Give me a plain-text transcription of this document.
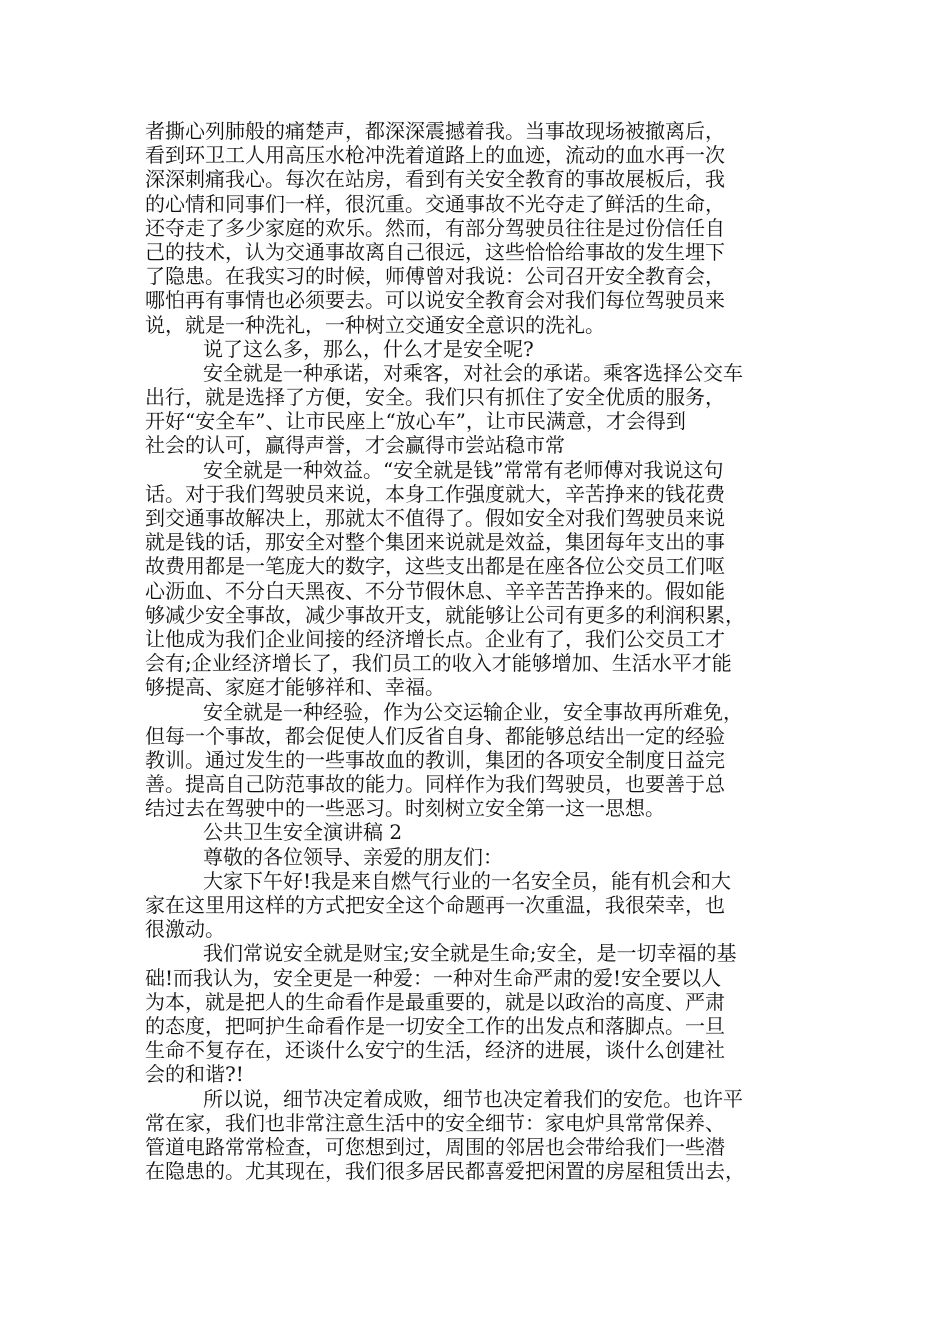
者撕心列肺般的痛楚声，都深深震撼着我。当事故现场被撤离后，
看到环卫工人用高压水枪冲洗着道路上的血迹，流动的血水再一次
深深刺痛我心。每次在站房，看到有关安全教育的事故展板后，我
的心情和同事们一样，很沉重。交通事故不光夺走了鲜活的生命，
还夺走了多少家庭的欢乐。然而，有部分驾驶员往往是过份信任自
己的技术，认为交通事故离自己很远，这些恰恰给事故的发生埋下
了隐患。在我实习的时候，师傅曾对我说：公司召开安全教育会，
哪怕再有事情也必须要去。可以说安全教育会对我们每位驾驶员来
说，就是一种洗礼，一种树立交通安全意识的洗礼。
说了这么多，那么，什么才是安全呢?
安全就是一种承诺，对乘客，对社会的承诺。乘客选择公交车
出行，就是选择了方便，安全。我们只有抓住了安全优质的服务，
开好“安全车”、让市民座上“放心车”，让市民满意，才会得到
社会的认可，赢得声誉，才会赢得市尝站稳市常
安全就是一种效益。“安全就是钱”常常有老师傅对我说这句
话。对于我们驾驶员来说，本身工作强度就大，辛苦挣来的钱花费
到交通事故解决上，那就太不值得了。假如安全对我们驾驶员来说
就是钱的话，那安全对整个集团来说就是效益，集团每年支出的事
故费用都是一笔庞大的数字，这些支出都是在座各位公交员工们呕
心沥血、不分白天黑夜、不分节假休息、辛辛苦苦挣来的。假如能
够减少安全事故，减少事故开支，就能够让公司有更多的利润积累，
让他成为我们企业间接的经济增长点。企业有了，我们公交员工才
会有;企业经济增长了，我们员工的收入才能够增加、生活水平才能
够提高、家庭才能够祥和、幸福。
安全就是一种经验，作为公交运输企业，安全事故再所难免，
但每一个事故，都会促使人们反省自身、都能够总结出一定的经验
教训。通过发生的一些事故血的教训，集团的各项安全制度日益完
善。提高自己防范事故的能力。同样作为我们驾驶员，也要善于总
结过去在驾驶中的一些恶习。时刻树立安全第一这一思想。
公共卫生安全演讲稿 2
尊敬的各位领导、亲爱的朋友们：
大家下午好!我是来自燃气行业的一名安全员，能有机会和大
家在这里用这样的方式把安全这个命题再一次重温，我很荣幸，也
很激动。
我们常说安全就是财宝;安全就是生命;安全，是一切幸福的基
础!而我认为，安全更是一种爱：一种对生命严肃的爱!安全要以人
为本，就是把人的生命看作是最重要的，就是以政治的高度、严肃
的态度，把呵护生命看作是一切安全工作的出发点和落脚点。一旦
生命不复存在，还谈什么安宁的生活，经济的进展，谈什么创建社
会的和谐?!
所以说，细节决定着成败，细节也决定着我们的安危。也许平
常在家，我们也非常注意生活中的安全细节：家电炉具常常保养、
管道电路常常检查，可您想到过，周围的邻居也会带给我们一些潜
在隐患的。尤其现在，我们很多居民都喜爱把闲置的房屋租赁出去，
